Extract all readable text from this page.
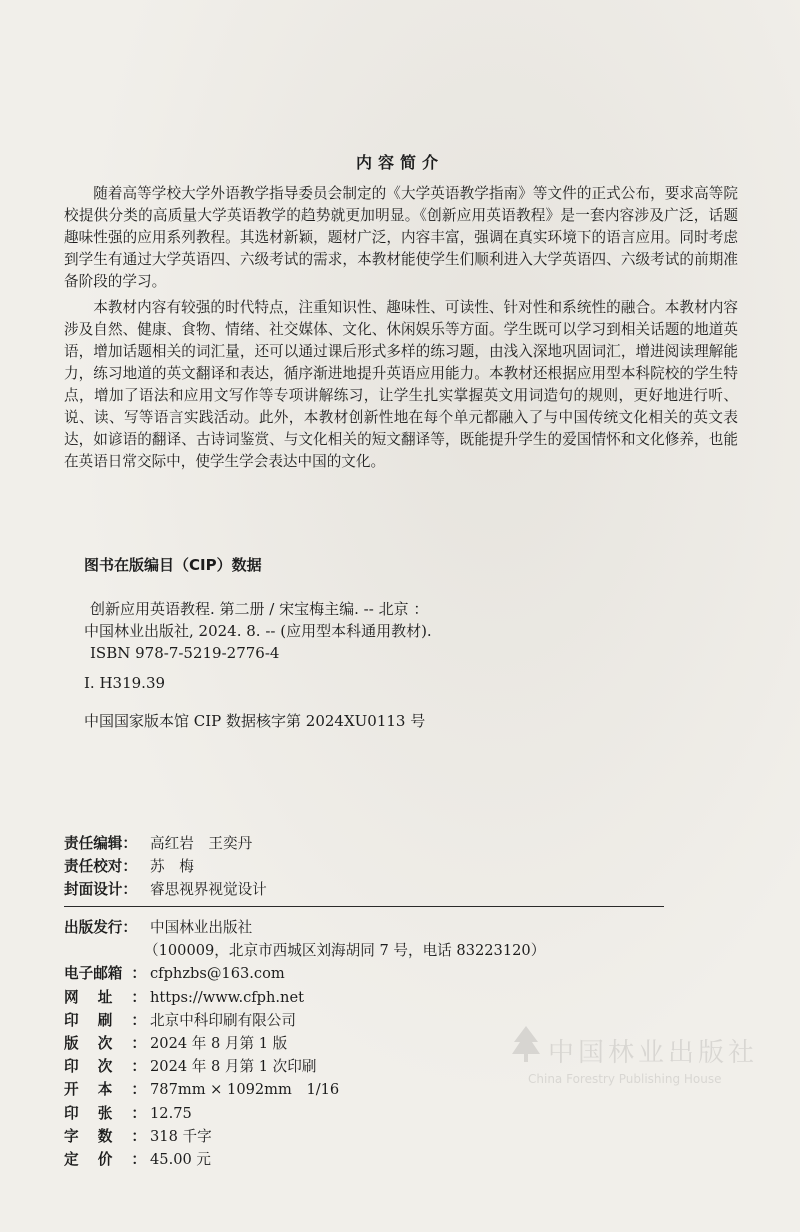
内容简介

随着高等学校大学外语教学指导委员会制定的《大学英语教学指南》等文件的正式公布，要求高等院校提供分类的高质量大学英语教学的趋势就更加明显。《创新应用英语教程》是一套内容涉及广泛，话题趣味性强的应用系列教程。其选材新颖，题材广泛，内容丰富，强调在真实环境下的语言应用。同时考虑到学生有通过大学英语四、六级考试的需求，本教材能使学生们顺利进入大学英语四、六级考试的前期准备阶段的学习。

本教材内容有较强的时代特点，注重知识性、趣味性、可读性、针对性和系统性的融合。本教材内容涉及自然、健康、食物、情绪、社交媒体、文化、休闲娱乐等方面。学生既可以学习到相关话题的地道英语，增加话题相关的词汇量，还可以通过课后形式多样的练习题，由浅入深地巩固词汇，增进阅读理解能力，练习地道的英文翻译和表达，循序渐进地提升英语应用能力。本教材还根据应用型本科院校的学生特点，增加了语法和应用文写作等专项讲解练习，让学生扎实掌握英文用词造句的规则，更好地进行听、说、读、写等语言实践活动。此外，本教材创新性地在每个单元都融入了与中国传统文化相关的英文表达，如谚语的翻译、古诗词鉴赏、与文化相关的短文翻译等，既能提升学生的爱国情怀和文化修养，也能在英语日常交际中，使学生学会表达中国的文化。

图书在版编目（CIP）数据
创新应用英语教程. 第二册 / 宋宝梅主编. -- 北京 ：
中国林业出版社, 2024. 8. -- (应用型本科通用教材).
ISBN 978-7-5219-2776-4
Ⅰ. H319.39
中国国家版本馆 CIP 数据核字第 2024XU0113 号
责任编辑： 高红岩　王奕丹
责任校对： 苏　梅
封面设计： 睿思视界视觉设计
出版发行： 中国林业出版社
（100009，北京市西城区刘海胡同 7 号，电话 83223120）
电子邮箱 ： cfphzbs@163.com
网 址 ： https://www.cfph.net
印 刷 ： 北京中科印刷有限公司
版 次 ： 2024 年 8 月第 1 版
印 次 ： 2024 年 8 月第 1 次印刷
开 本 ： 787mm × 1092mm　1/16
印 张 ： 12.75
字 数 ： 318 千字
定 价 ： 45.00 元
中国林业出版社
China Forestry Publishing House
